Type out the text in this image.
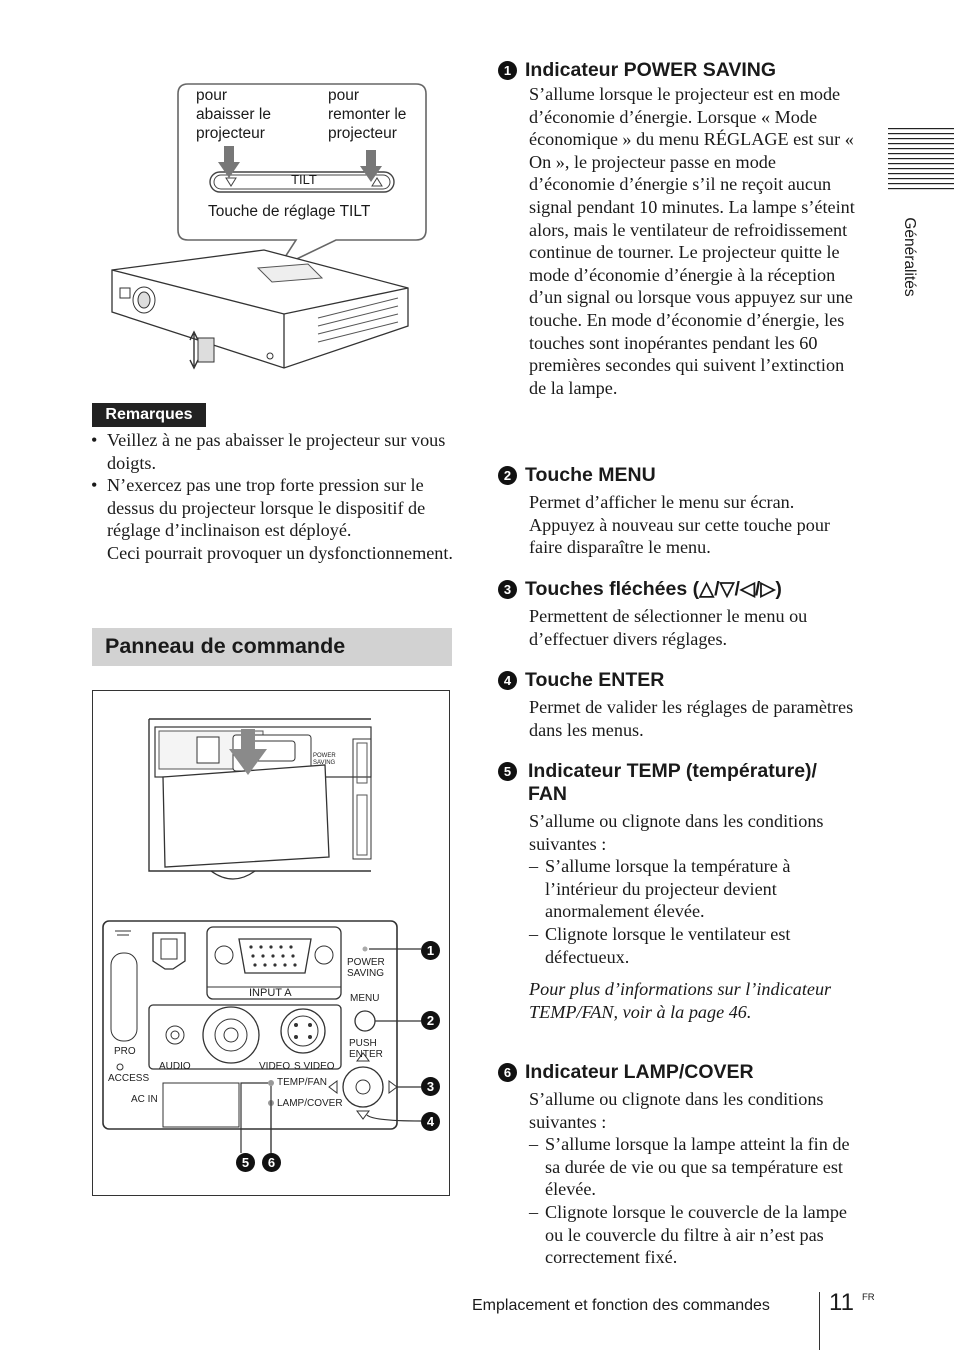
Généralités
pour
abaisser le
projecteur
pour
remonter le
projecteur
TILT
Touche de réglage TILT
Remarques
• Veillez à ne pas abaisser le projecteur sur vous doigts.
• N’exercez pas une trop forte pression sur le dessus du projecteur lorsque le dispositif de réglage d’inclinaison est déployé.
Ceci pourrait provoquer un dysfonctionnement.
Panneau de commande
1
2
3
4
5	6
POWER
SAVING
POWER
SAVING
MENU
PUSH
ENTER
INPUT A
AUDIO	VIDEO S VIDEO
PRO
ACCESS
AC IN
TEMP/FAN
LAMP/COVER
1 Indicateur POWER SAVING
S’allume lorsque le projecteur est en mode d’économie d’énergie. Lorsque « Mode économique » du menu RÉGLAGE est sur « On », le projecteur passe en mode d’économie d’énergie s’il ne reçoit aucun signal pendant 10 minutes. La lampe s’éteint alors, mais le ventilateur de refroidissement continue de tourner. Le projecteur quitte le mode d’économie d’énergie à la réception d’un signal ou lorsque vous appuyez sur une touche. En mode d’économie d’énergie, les touches sont inopérantes pendant les 60 premières secondes qui suivent l’extinction de la lampe.
2 Touche MENU
Permet d’afficher le menu sur écran. Appuyez à nouveau sur cette touche pour faire disparaître le menu.
3 Touches fléchées (△/▽/◁/▷)
Permettent de sélectionner le menu ou d’effectuer divers réglages.
4 Touche ENTER
Permet de valider les réglages de paramètres dans les menus.
5 Indicateur TEMP (température)/ FAN
S’allume ou clignote dans les conditions suivantes :
– S’allume lorsque la température à l’intérieur du projecteur devient anormalement élevée.
– Clignote lorsque le ventilateur est défectueux.
Pour plus d’informations sur l’indicateur TEMP/FAN, voir à la page 46.
6 Indicateur LAMP/COVER
S’allume ou clignote dans les conditions suivantes :
– S’allume lorsque la lampe atteint la fin de sa durée de vie ou que sa température est élevée.
– Clignote lorsque le couvercle de la lampe ou le couvercle du filtre à air n’est pas correctement fixé.
Emplacement et fonction des commandes 11 FR
